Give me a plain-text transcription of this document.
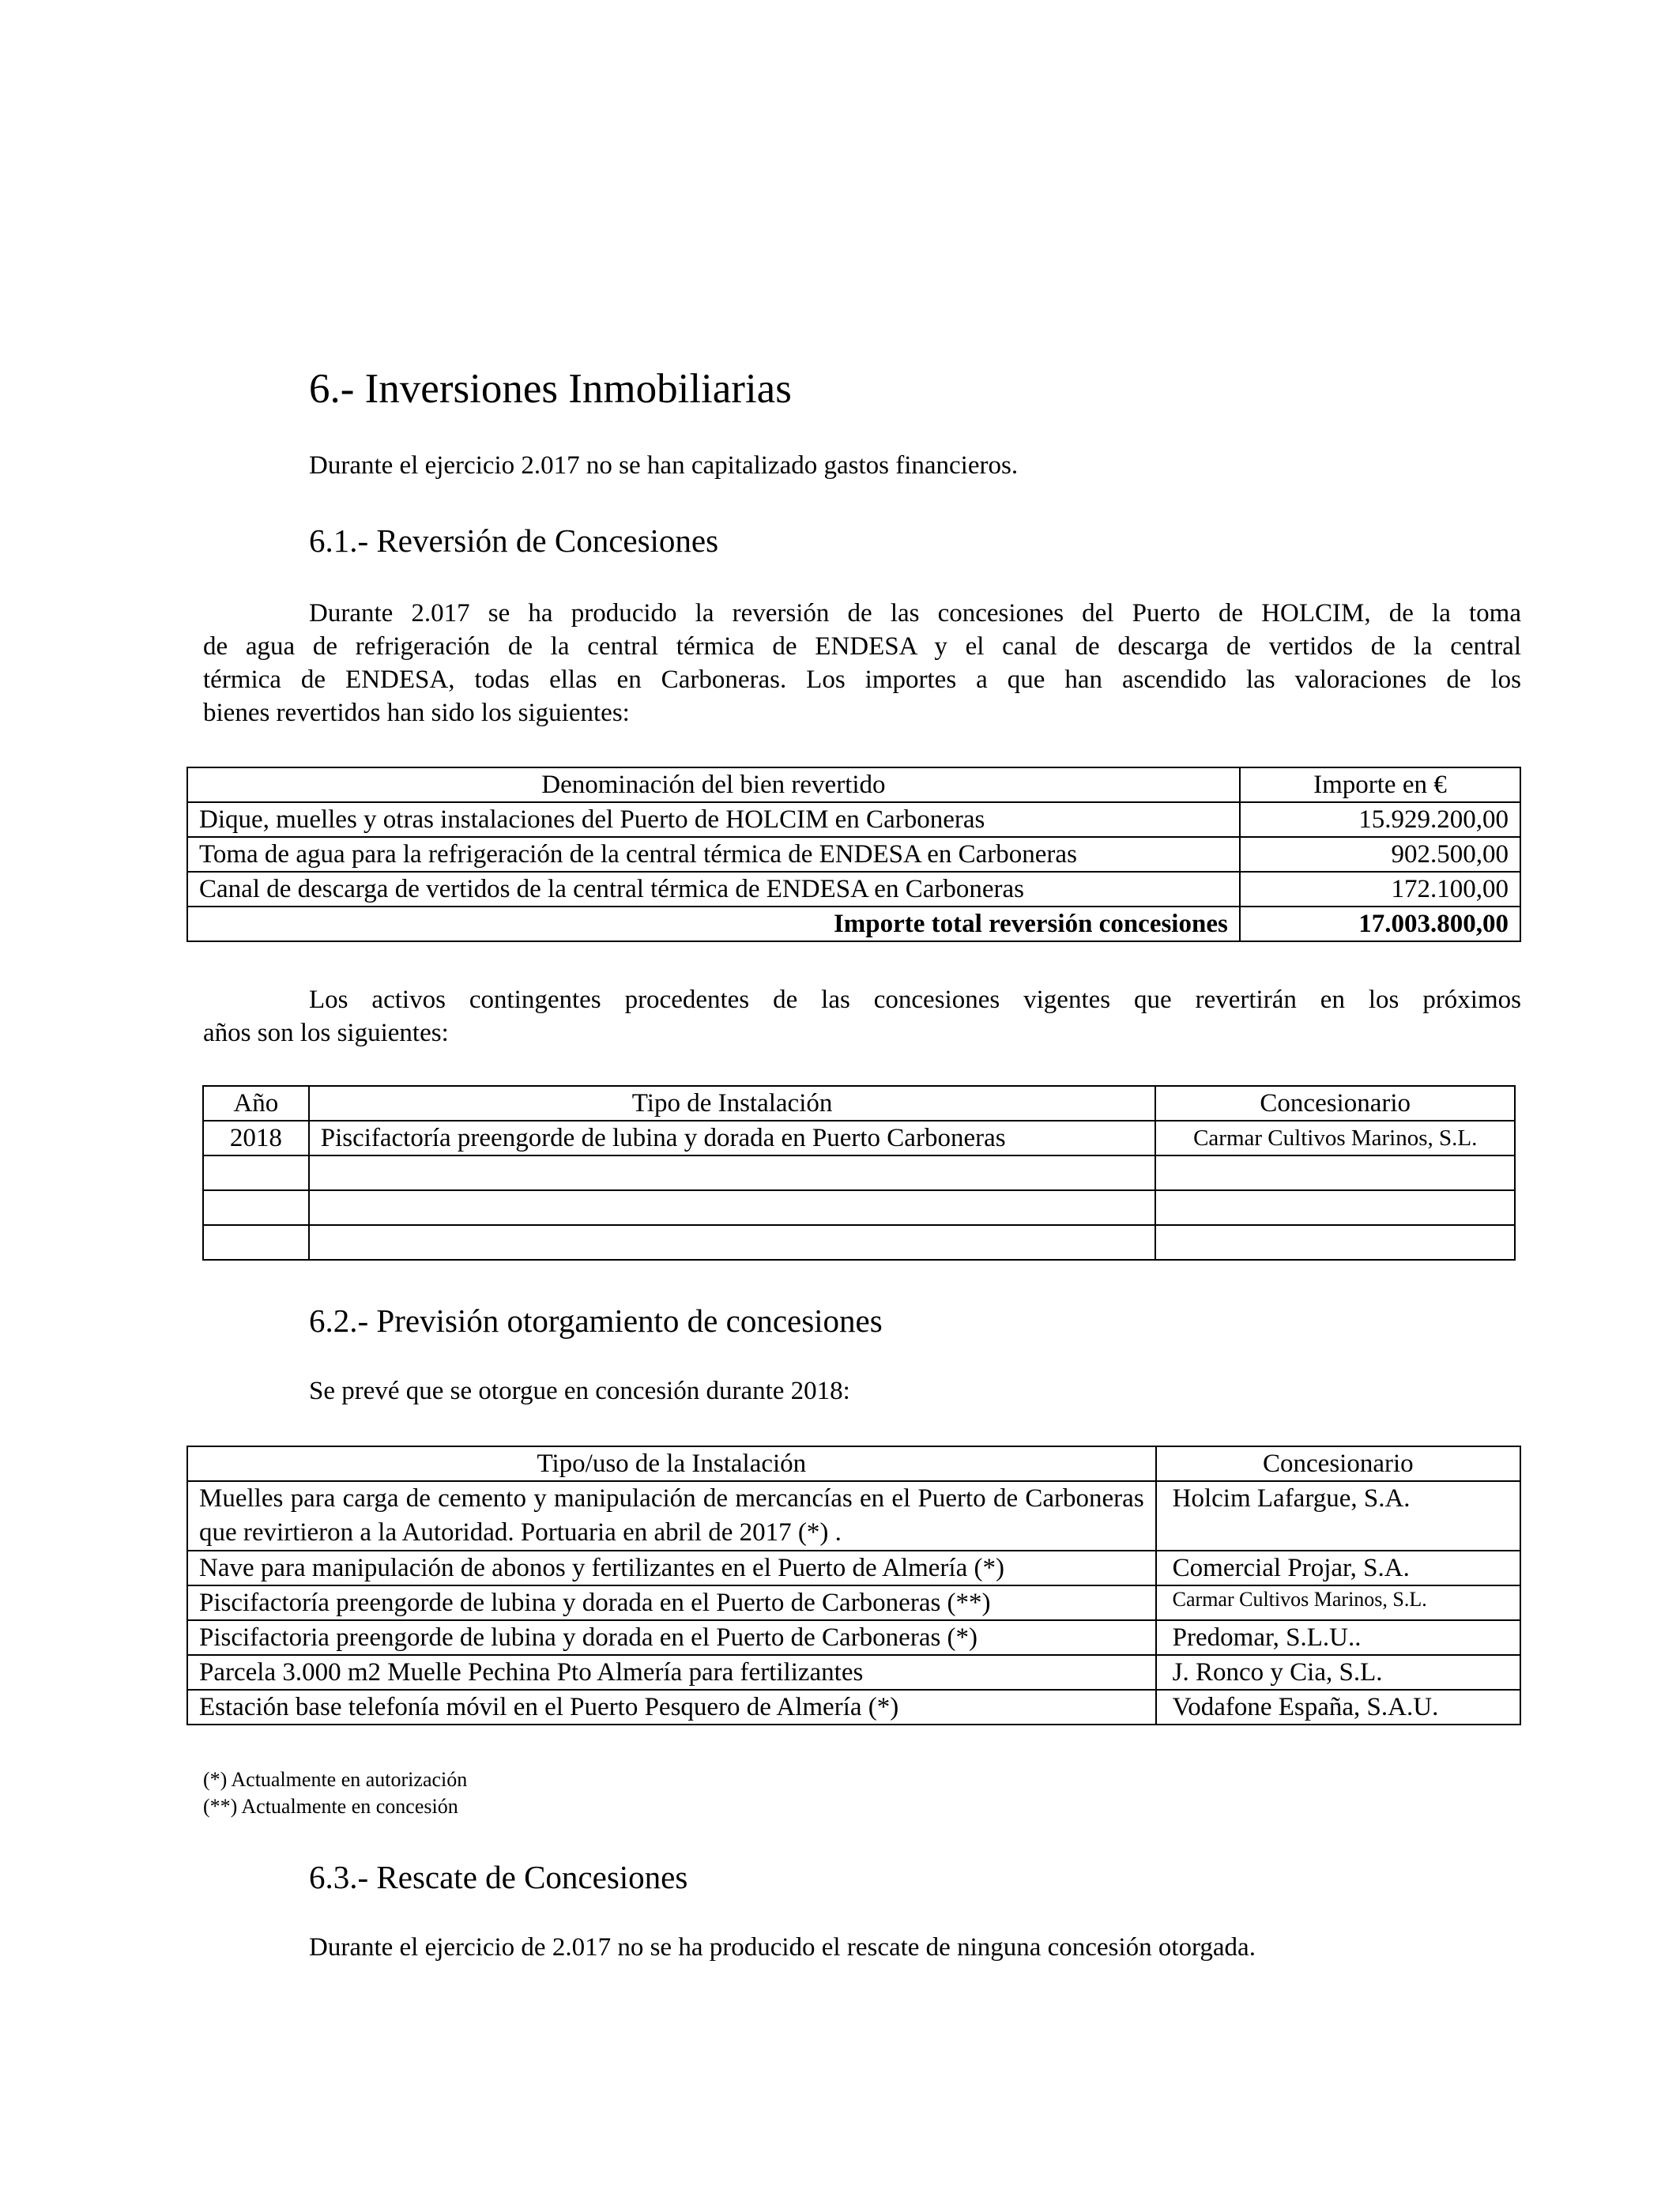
6.- Inversiones Inmobiliarias
Durante el ejercicio 2.017 no se han capitalizado gastos financieros.
6.1.- Reversión de Concesiones
Durante 2.017 se ha producido la reversión de las concesiones del Puerto de HOLCIM, de la toma
de agua de refrigeración de la central térmica de ENDESA y el canal de descarga de vertidos de la central
térmica de ENDESA, todas ellas en Carboneras. Los importes a que han ascendido las valoraciones de los
bienes revertidos han sido los siguientes:
Denominación del bien revertido	Importe en €
Dique, muelles y otras instalaciones del Puerto de HOLCIM en Carboneras	15.929.200,00
Toma de agua para la refrigeración de la central térmica de ENDESA en Carboneras	902.500,00
Canal de descarga de vertidos de la central térmica de ENDESA en Carboneras	172.100,00
Importe total reversión concesiones	17.003.800,00
Los activos contingentes procedentes de las concesiones vigentes que revertirán en los próximos
años son los siguientes:
Año	Tipo de Instalación	Concesionario
2018	Piscifactoría preengorde de lubina y dorada en Puerto Carboneras	Carmar Cultivos Marinos, S.L.

6.2.- Previsión otorgamiento de concesiones
Se prevé que se otorgue en concesión durante 2018:
Tipo/uso de la Instalación	Concesionario
Muelles para carga de cemento y manipulación de mercancías en el Puerto de Carboneras que revirtieron a la Autoridad. Portuaria en abril de 2017 (*) .	Holcim Lafargue, S.A.
Nave para manipulación de abonos y fertilizantes en el Puerto de Almería (*)	Comercial Projar, S.A.
Piscifactoría preengorde de lubina y dorada en el Puerto de Carboneras (**)	Carmar Cultivos Marinos, S.L.
Piscifactoria preengorde de lubina y dorada en el Puerto de Carboneras (*)	Predomar, S.L.U..
Parcela 3.000 m2 Muelle Pechina Pto Almería para fertilizantes	J. Ronco y Cia, S.L.
Estación base telefonía móvil en el Puerto Pesquero de Almería (*)	Vodafone España, S.A.U.
(*) Actualmente en autorización
(**) Actualmente en concesión
6.3.- Rescate de Concesiones
Durante el ejercicio de 2.017 no se ha producido el rescate de ninguna concesión otorgada.
